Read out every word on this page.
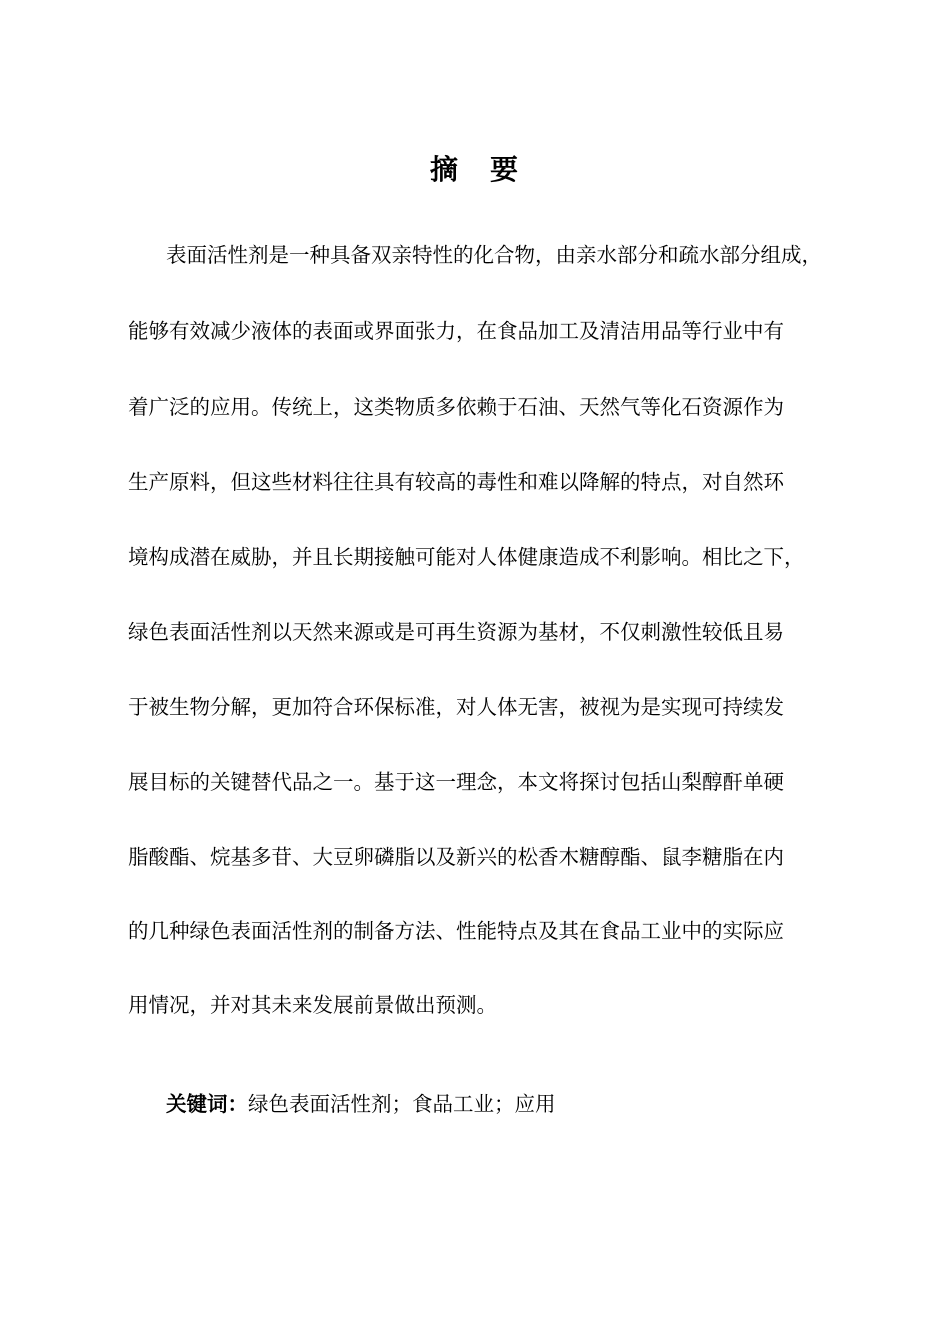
摘 要
表面活性剂是一种具备双亲特性的化合物，由亲水部分和疏水部分组成，
能够有效减少液体的表面或界面张力，在食品加工及清洁用品等行业中有
着广泛的应用。传统上，这类物质多依赖于石油、天然气等化石资源作为
生产原料，但这些材料往往具有较高的毒性和难以降解的特点，对自然环
境构成潜在威胁，并且长期接触可能对人体健康造成不利影响。相比之下，
绿色表面活性剂以天然来源或是可再生资源为基材，不仅刺激性较低且易
于被生物分解，更加符合环保标准，对人体无害，被视为是实现可持续发
展目标的关键替代品之一。基于这一理念，本文将探讨包括山梨醇酐单硬
脂酸酯、烷基多苷、大豆卵磷脂以及新兴的松香木糖醇酯、鼠李糖脂在内
的几种绿色表面活性剂的制备方法、性能特点及其在食品工业中的实际应
用情况，并对其未来发展前景做出预测。
关键词：绿色表面活性剂；食品工业；应用
